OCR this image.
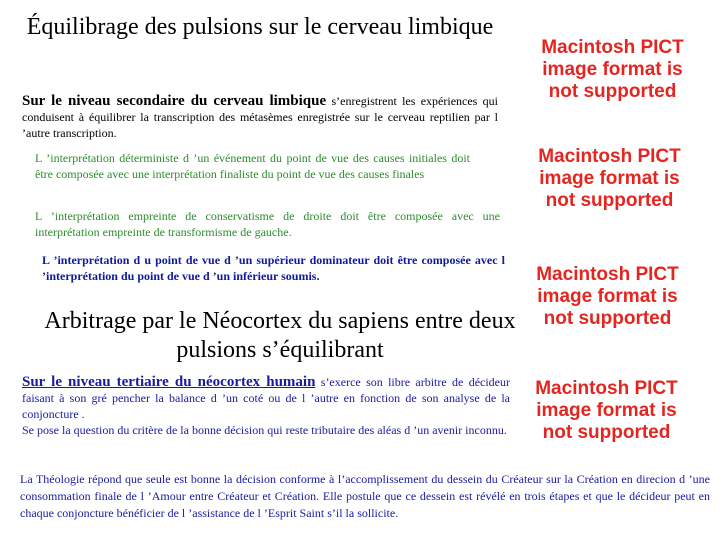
Équilibrage des pulsions sur le cerveau limbique
Sur le niveau secondaire du cerveau limbique s’enregistrent les expériences qui conduisent à équilibrer la transcription des métasèmes enregistrée sur le cerveau reptilien par l ’autre transcription.
L ’interprétation déterministe d ’un événement du point de vue des causes initiales doit être composée avec une interprétation finaliste du point de vue des causes finales
L ’interprétation empreinte de conservatisme de droite doit être composée avec une interprétation empreinte de transformisme de gauche.
L ’interprétation d u point de vue d ’un supérieur dominateur doit être composée avec l ’interprétation du point de vue d ’un inférieur soumis.
Arbitrage par le Néocortex du sapiens entre deux pulsions s’équilibrant
Sur le niveau tertiaire du néocortex humain s’exerce son libre arbitre de décideur faisant à son gré pencher la balance d ’un coté ou de l ’autre en fonction de son analyse de la conjoncture .
Se pose la question du critère de la bonne décision qui reste tributaire des aléas d ’un avenir inconnu.
La Théologie répond que seule est bonne la décision conforme à l’accomplissement du dessein du Créateur sur la Création en direcion d ’une consommation finale de l ’Amour entre Créateur et Création. Elle postule que ce dessein est révélé en trois étapes et que le décideur peut en chaque conjoncture bénéficier de l ’assistance de l ’Esprit Saint s’il la sollicite.
Macintosh PICT image format is not supported
Macintosh PICT image format is not supported
Macintosh PICT image format is not supported
Macintosh PICT image format is not supported
